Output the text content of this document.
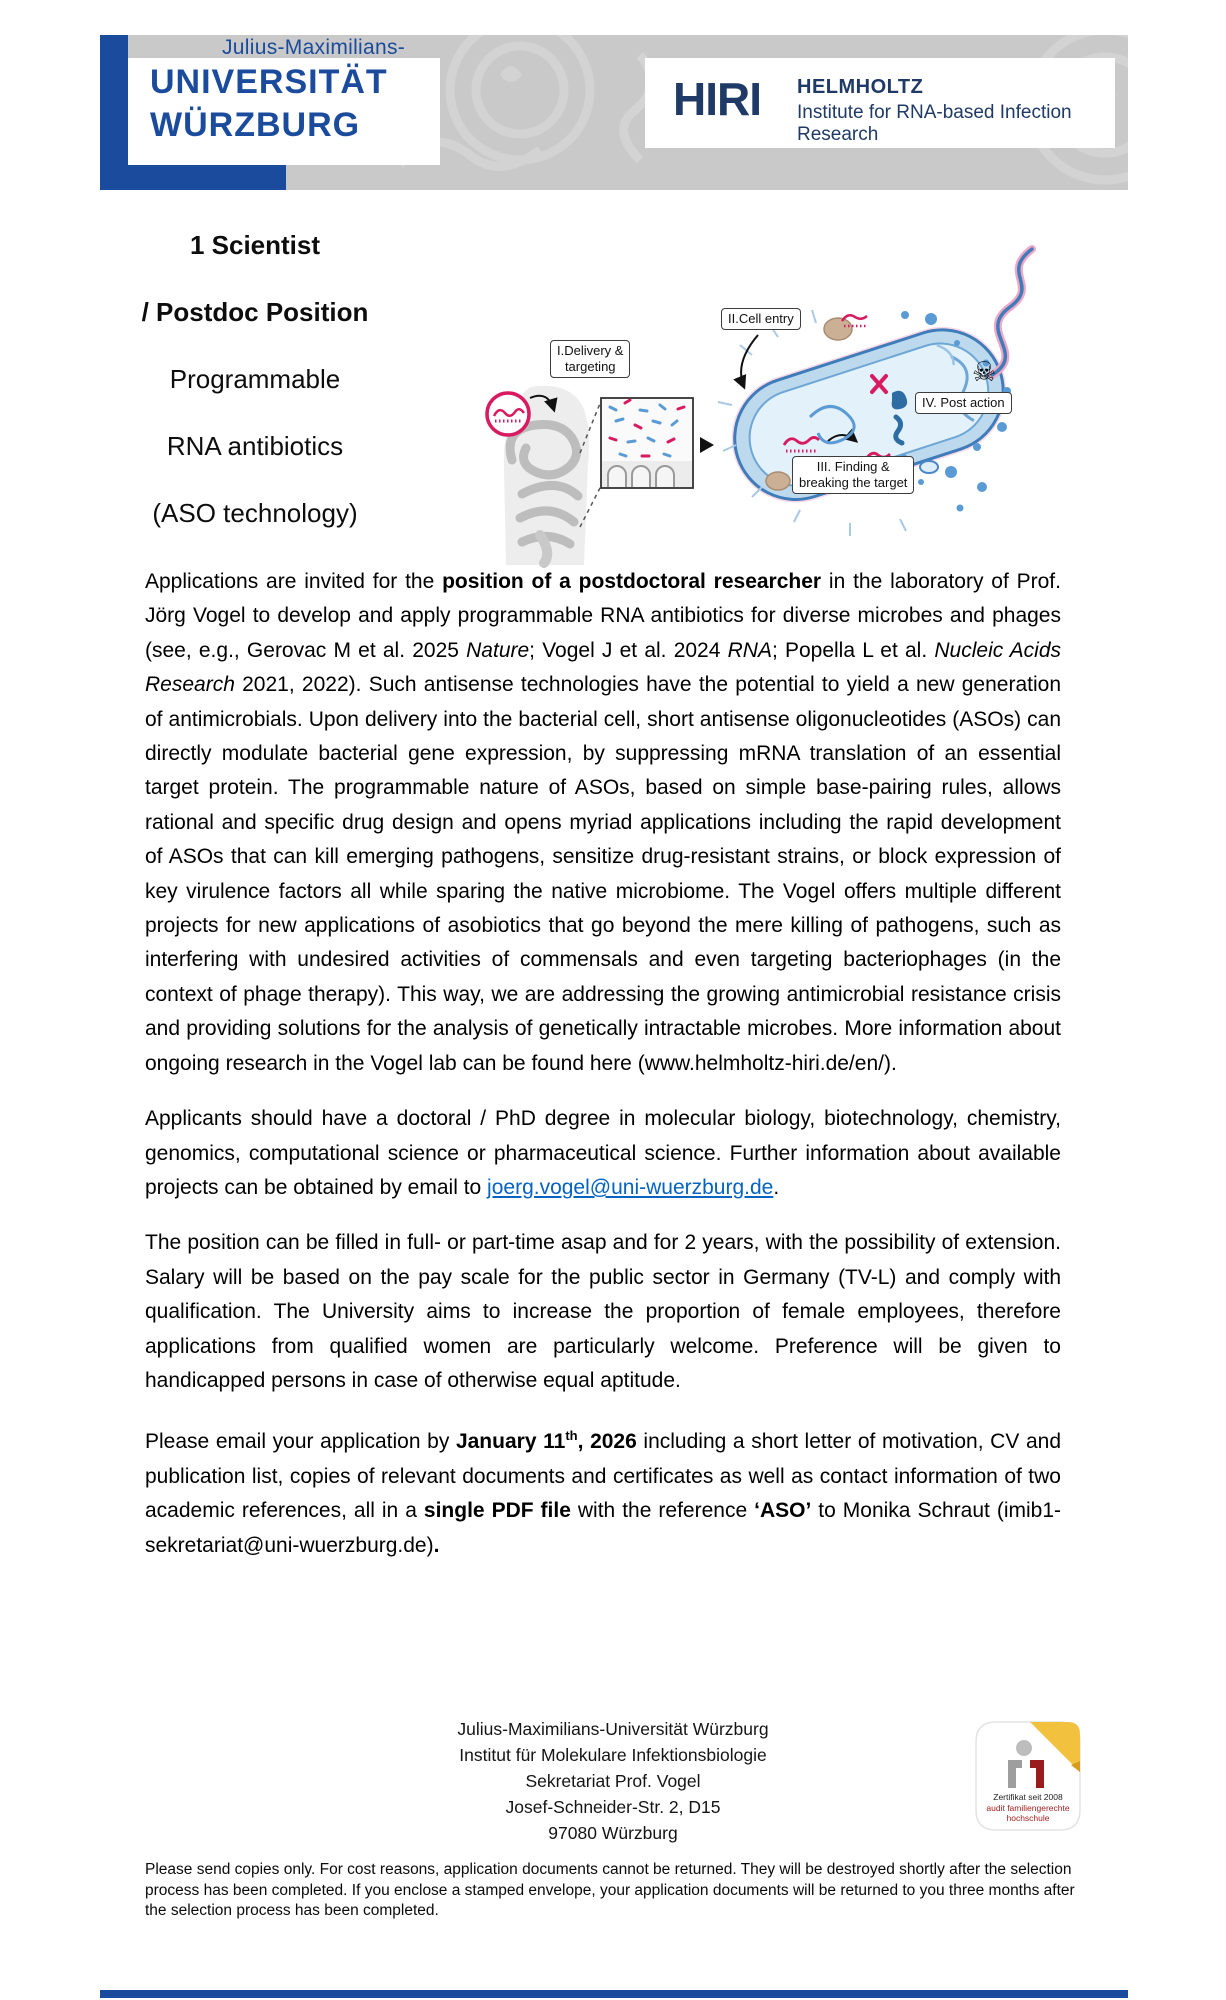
Julius-Maximilians-
UNIVERSITÄT
WÜRZBURG	HIRI HELMHOLTZ
Institute for RNA-based Infection Research
1 Scientist
/ Postdoc Position
Programmable
RNA antibiotics
(ASO technology)
I.Delivery &
targeting
II.Cell entry
III. Finding &
breaking the target
IV. Post action
☠

Applications are invited for the position of a postdoctoral researcher in the laboratory of Prof. Jörg Vogel to develop and apply programmable RNA antibiotics for diverse microbes and phages (see, e.g., Gerovac M et al. 2025 Nature; Vogel J et al. 2024 RNA; Popella L et al. Nucleic Acids Research 2021, 2022). Such antisense technologies have the potential to yield a new generation of antimicrobials. Upon delivery into the bacterial cell, short antisense oligonucleotides (ASOs) can directly modulate bacterial gene expression, by suppressing mRNA translation of an essential target protein. The programmable nature of ASOs, based on simple base-pairing rules, allows rational and specific drug design and opens myriad applications including the rapid development of ASOs that can kill emerging pathogens, sensitize drug-resistant strains, or block expression of key virulence factors all while sparing the native microbiome. The Vogel offers multiple different projects for new applications of asobiotics that go beyond the mere killing of pathogens, such as interfering with undesired activities of commensals and even targeting bacteriophages (in the context of phage therapy). This way, we are addressing the growing antimicrobial resistance crisis and providing solutions for the analysis of genetically intractable microbes. More information about ongoing research in the Vogel lab can be found here (www.helmholtz-hiri.de/en/).

Applicants should have a doctoral / PhD degree in molecular biology, biotechnology, chemistry, genomics, computational science or pharmaceutical science. Further information about available projects can be obtained by email to joerg.vogel@uni-wuerzburg.de.

The position can be filled in full- or part-time asap and for 2 years, with the possibility of extension. Salary will be based on the pay scale for the public sector in Germany (TV-L) and comply with qualification. The University aims to increase the proportion of female employees, therefore applications from qualified women are particularly welcome. Preference will be given to handicapped persons in case of otherwise equal aptitude.

Please email your application by January 11th, 2026 including a short letter of motivation, CV and publication list, copies of relevant documents and certificates as well as contact information of two academic references, all in a single PDF file with the reference ‘ASO’ to Monika Schraut (imib1-sekretariat@uni-wuerzburg.de).

Julius-Maximilians-Universität Würzburg
Institut für Molekulare Infektionsbiologie
Sekretariat Prof. Vogel
Josef-Schneider-Str. 2, D15
97080 Würzburg
Zertifikat seit 2008
audit familiengerechte
hochschule
Please send copies only. For cost reasons, application documents cannot be returned. They will be destroyed shortly after the selection process has been completed. If you enclose a stamped envelope, your application documents will be returned to you three months after the selection process has been completed.
